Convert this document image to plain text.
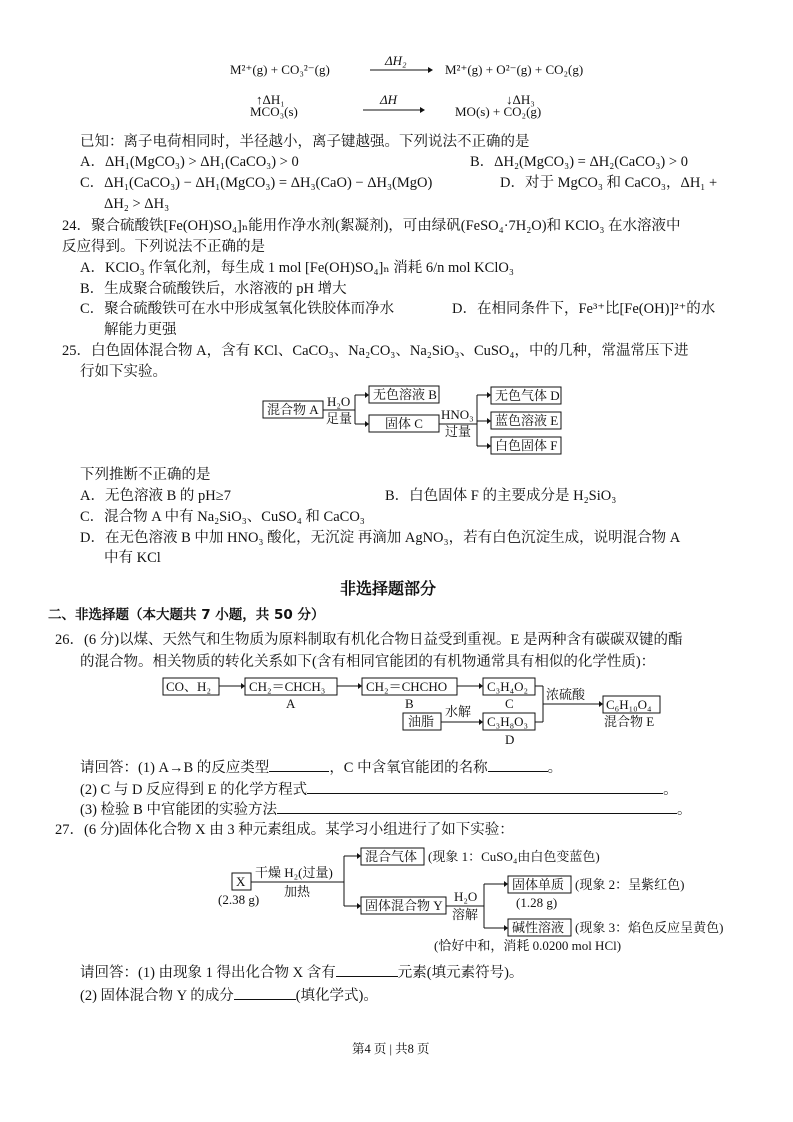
M²⁺(g) + CO₃²⁻(g)
ΔH₂
M²⁺(g) + O²⁻(g) + CO₂(g)
↑ΔH₁
MCO₃(s)
ΔH	↓ΔH₃
MO(s) + CO₂(g)
已知：离子电荷相同时，半径越小，离子键越强。下列说法不正确的是
A．ΔH₁(MgCO₃) > ΔH₁(CaCO₃) > 0	B．ΔH₂(MgCO₃) = ΔH₂(CaCO₃) > 0
C．ΔH₁(CaCO₃) − ΔH₁(MgCO₃) = ΔH₃(CaO) − ΔH₃(MgO)	D．对于 MgCO₃ 和 CaCO₃，ΔH₁ +
ΔH₂ > ΔH₃
24．聚合硫酸铁[Fe(OH)SO₄]ₙ能用作净水剂(絮凝剂)，可由绿矾(FeSO₄·7H₂O)和 KClO₃ 在水溶液中
反应得到。下列说法不正确的是
A．KClO₃ 作氧化剂，每生成 1 mol [Fe(OH)SO₄]ₙ 消耗 6/n mol KClO₃
B．生成聚合硫酸铁后，水溶液的 pH 增大
C．聚合硫酸铁可在水中形成氢氧化铁胶体而净水	D．在相同条件下，Fe³⁺比[Fe(OH)]²⁺的水
解能力更强
25．白色固体混合物 A，含有 KCl、CaCO₃、Na₂CO₃、Na₂SiO₃、CuSO₄，中的几种，常温常压下进
行如下实验。
混合物 A
H₂O
足量
无色溶液 B
固体 C
HNO₃
过量
无色气体 D
蓝色溶液 E
白色固体 F
下列推断不正确的是
A．无色溶液 B 的 pH≥7	B．白色固体 F 的主要成分是 H₂SiO₃
C．混合物 A 中有 Na₂SiO₃、CuSO₄ 和 CaCO₃
D．在无色溶液 B 中加 HNO₃ 酸化，无沉淀 再滴加 AgNO₃，若有白色沉淀生成，说明混合物 A
中有 KCl
非选择题部分
二、非选择题（本大题共 7 小题，共 50 分）
26．(6 分)以煤、天然气和生物质为原料制取有机化合物日益受到重视。E 是两种含有碳碳双键的酯
的混合物。相关物质的转化关系如下(含有相同官能团的有机物通常具有相似的化学性质)：
CO、H₂	CH₂＝CHCH₃
A
CH₂＝CHCHO
B
C₃H₄O₂
C
油脂
水解
C₃H₈O₃
D
浓硫酸
C₆H₁₀O₄
混合物 E
请回答：(1) A→B 的反应类型	，C 中含氧官能团的名称	。
(2) C 与 D 反应得到 E 的化学方程式	。
(3) 检验 B 中官能团的实验方法	。
27．(6 分)固体化合物 X 由 3 种元素组成。某学习小组进行了如下实验：
X
(2.38 g)
干燥 H₂(过量)
加热
混合气体 (现象 1：CuSO₄由白色变蓝色)
固体混合物 Y
H₂O
溶解
固体单质
(1.28 g)
(现象 2：呈紫红色)
碱性溶液 (现象 3：焰色反应呈黄色)
(恰好中和，消耗 0.0200 mol HCl)
请回答：(1) 由现象 1 得出化合物 X 含有	元素(填元素符号)。
(2) 固体混合物 Y 的成分	(填化学式)。
第4 页 | 共8 页
